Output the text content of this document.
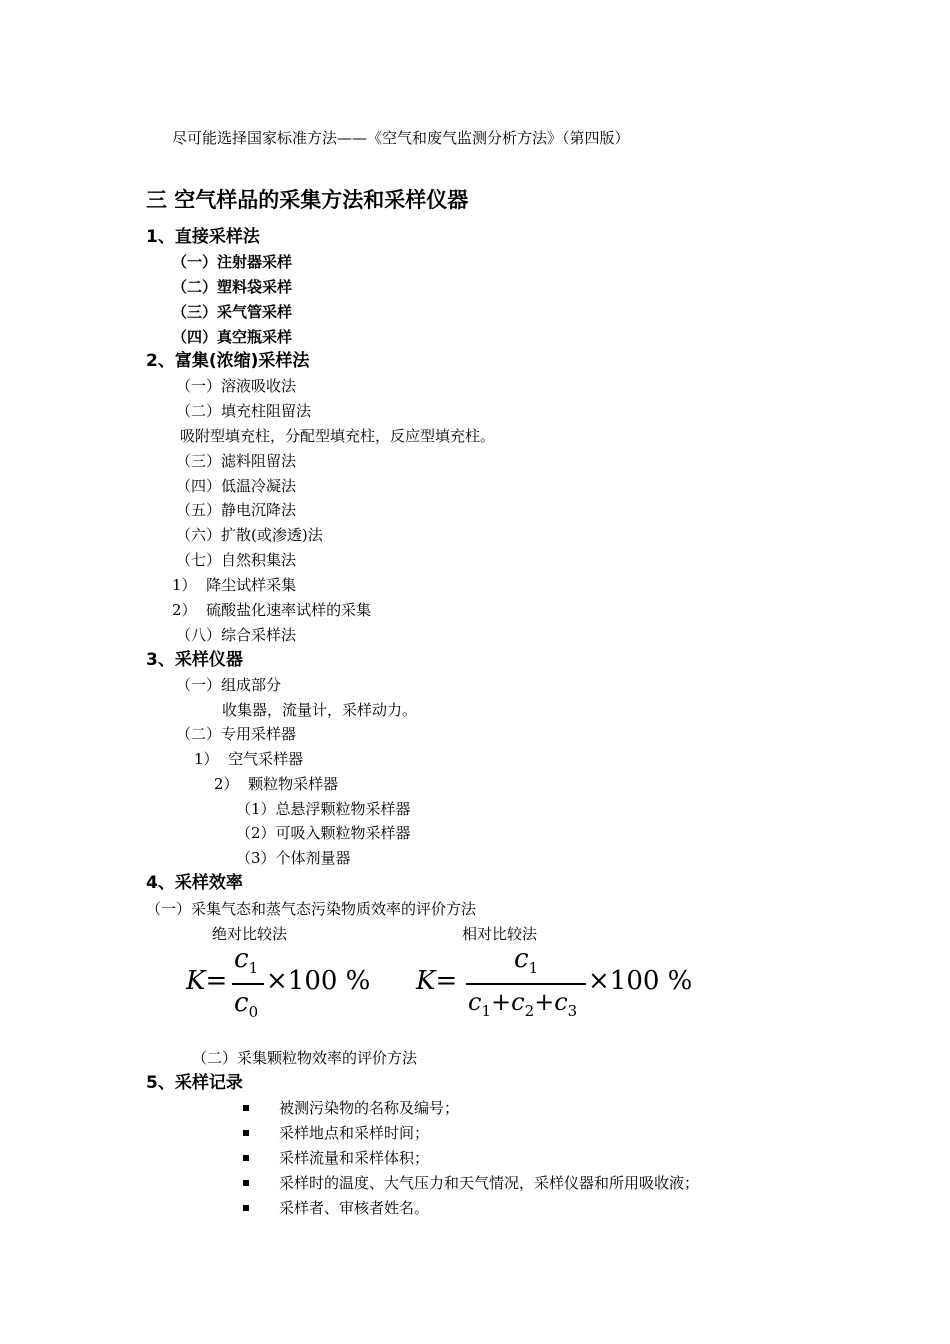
尽可能选择国家标准方法——《空气和废气监测分析方法》（第四版）
三 空气样品的采集方法和采样仪器
1、直接采样法
（一）注射器采样
（二）塑料袋采样
（三）采气管采样
（四）真空瓶采样
2、富集(浓缩)采样法
（一）溶液吸收法
（二）填充柱阻留法
吸附型填充柱，分配型填充柱，反应型填充柱。
（三）滤料阻留法
（四）低温冷凝法
（五）静电沉降法
（六）扩散(或渗透)法
（七）自然积集法
1）  降尘试样采集
2）  硫酸盐化速率试样的采集
（八）综合采样法
3、采样仪器
（一）组成部分
收集器，流量计，采样动力。
（二）专用采样器
1）  空气采样器
2）  颗粒物采样器
（1）总悬浮颗粒物采样器
（2）可吸入颗粒物采样器
（3）个体剂量器
4、采样效率
（一）采集气态和蒸气态污染物质效率的评价方法
绝对比较法	相对比较法
K=
$c_1$
$c_0$
×100 % K=
$c_1$
$c_1+c_2+c_3$
×100 %
（二）采集颗粒物效率的评价方法
5、采样记录
被测污染物的名称及编号；
采样地点和采样时间；
采样流量和采样体积；
采样时的温度、大气压力和天气情况，采样仪器和所用吸收液；
采样者、审核者姓名。
